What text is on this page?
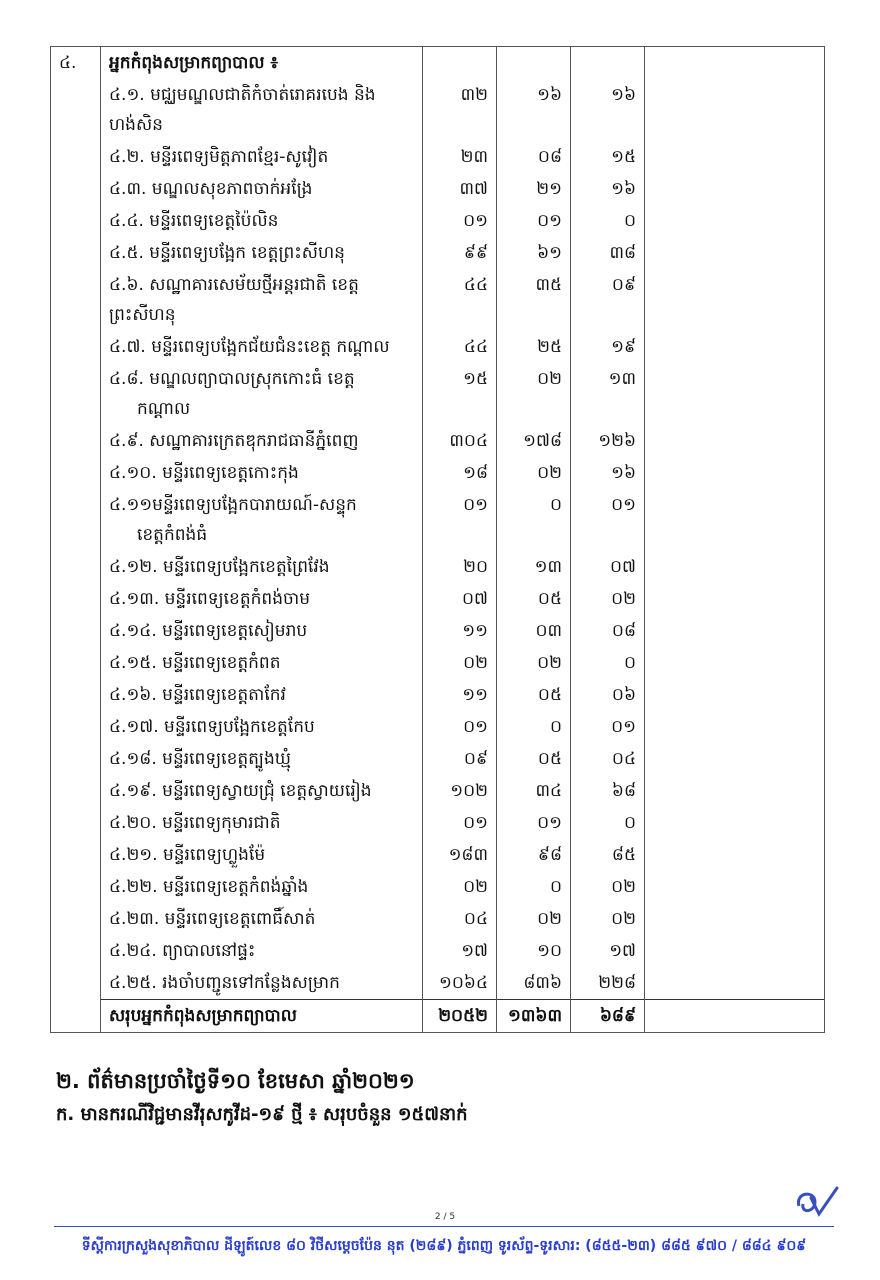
៤.	អ្នកកំពុងសម្រាកព្យាបាល ៖				
	៤.១. មជ្ឈមណ្ឌលជាតិកំចាត់រោគរបេង និង
ហង់សិន	៣២	១៦	១៦	
	៤.២. មន្ទីរពេទ្យមិត្តភាពខ្មែរ-សូវៀត	២៣	០៨	១៥	
	៤.៣. មណ្ឌលសុខភាពចាក់អង្រែ	៣៧	២១	១៦	
	៤.៤. មន្ទីរពេទ្យខេត្តប៉ៃលិន	០១	០១	០	
	៤.៥. មន្ទីរពេទ្យបង្អែក ខេត្តព្រះសីហនុ	៩៩	៦១	៣៨	
	៤.៦. សណ្ឋាគារសេម័យថ្មីអន្តរជាតិ ខេត្ត
ព្រះសីហនុ	៤៤	៣៥	០៩	
	៤.៧. មន្ទីរពេទ្យបង្អែកជ័យជំនះខេត្ត កណ្តាល	៤៤	២៥	១៩	
	៤.៨. មណ្ឌលព្យាបាលស្រុកកោះធំ ខេត្ត
កណ្តាល	១៥	០២	១៣	
	៤.៩. សណ្ឋាគារក្រេតឌុករាជធានីភ្នំពេញ	៣០៤	១៧៨	១២៦	
	៤.១០. មន្ទីរពេទ្យខេត្តកោះកុង	១៨	០២	១៦	
	៤.១១មន្ទីរពេទ្យបង្អែកបារាយណ៍-សន្ទុក
ខេត្តកំពង់ធំ	០១	០	០១	
	៤.១២. មន្ទីរពេទ្យបង្អែកខេត្តព្រៃវែង	២០	១៣	០៧	
	៤.១៣. មន្ទីរពេទ្យខេត្តកំពង់ចាម	០៧	០៥	០២	
	៤.១៤. មន្ទីរពេទ្យខេត្តសៀមរាប	១១	០៣	០៨	
	៤.១៥. មន្ទីរពេទ្យខេត្តកំពត	០២	០២	០	
	៤.១៦. មន្ទីរពេទ្យខេត្តតាកែវ	១១	០៥	០៦	
	៤.១៧. មន្ទីរពេទ្យបង្អែកខេត្តកែប	០១	០	០១	
	៤.១៨. មន្ទីរពេទ្យខេត្តត្បូងឃ្មុំ	០៩	០៥	០៤	
	៤.១៩. មន្ទីរពេទ្យស្វាយជ្រុំ ខេត្តស្វាយរៀង	១០២	៣៤	៦៨	
	៤.២០. មន្ទីរពេទ្យកុមារជាតិ	០១	០១	០	
	៤.២១. មន្ទីរពេទ្យហ្លួងម៉ែ	១៨៣	៩៨	៨៥	
	៤.២២. មន្ទីរពេទ្យខេត្តកំពង់ឆ្នាំង	០២	០	០២	
	៤.២៣. មន្ទីរពេទ្យខេត្តពោធិ៍សាត់	០៤	០២	០២	
	៤.២៤. ព្យាបាលនៅផ្ទះ	១៧	១០	១៧	
	៤.២៥. រងចាំបញ្ជូនទៅកន្លែងសម្រាក	១០៦៤	៨៣៦	២២៨	
	សរុបអ្នកកំពុងសម្រាកព្យាបាល	២០៥២	១៣៦៣	៦៨៩	
២. ព័ត៌មានប្រចាំថ្ងៃទី១០ ខែមេសា ឆ្នាំ២០២១
ក. មានករណីវិជ្ជមានវីរុសកូវីដ-១៩ ថ្មី ៖ សរុបចំនួន ១៥៧នាក់
2 / 5
ទីស្តីការក្រសួងសុខាភិបាល ដីឡូត៍លេខ ៨០ វិថីសម្តេចប៉ែន នុត (២៨៩) ភ្នំពេញ ទូរស័ព្ទ-ទូរសារ: (៨៥៥-២៣) ៨៨៥ ៩៧០ / ៨៨៤ ៩០៩
